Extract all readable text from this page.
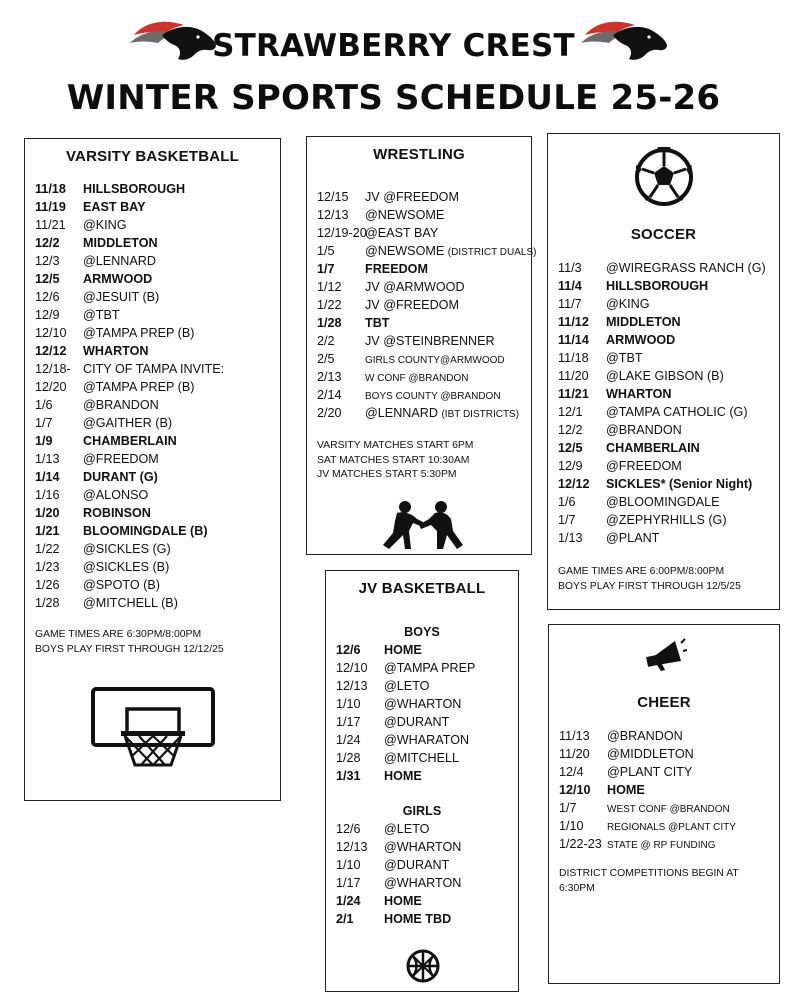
STRAWBERRY CREST
WINTER SPORTS SCHEDULE 25-26
VARSITY BASKETBALL
11/18 HILLSBOROUGH
11/19 EAST BAY
11/21 @KING
12/2 MIDDLETON
12/3 @LENNARD
12/5 ARMWOOD
12/6 @JESUIT (B)
12/9 @TBT
12/10 @TAMPA PREP (B)
12/12 WHARTON
12/18- CITY OF TAMPA INVITE:
12/20 @TAMPA PREP (B)
1/6 @BRANDON
1/7 @GAITHER (B)
1/9 CHAMBERLAIN
1/13 @FREEDOM
1/14 DURANT (G)
1/16 @ALONSO
1/20 ROBINSON
1/21 BLOOMINGDALE (B)
1/22 @SICKLES (G)
1/23 @SICKLES (B)
1/26 @SPOTO (B)
1/28 @MITCHELL (B)
GAME TIMES ARE 6:30PM/8:00PM
BOYS PLAY FIRST THROUGH 12/12/25
WRESTLING
12/15 JV @FREEDOM
12/13 @NEWSOME
12/19-20@EAST BAY
1/5 @NEWSOME (DISTRICT DUALS)
1/7 FREEDOM
1/12 JV @ARMWOOD
1/22 JV @FREEDOM
1/28 TBT
2/2 JV @STEINBRENNER
2/5	GIRLS COUNTY@ARMWOOD
2/13 W CONF @BRANDON
2/14 BOYS COUNTY @BRANDON
2/20 @LENNARD (IBT DISTRICTS)
VARSITY MATCHES START 6PM
SAT MATCHES START 10:30AM
JV MATCHES START 5:30PM
SOCCER
11/3 @WIREGRASS RANCH (G)
11/4 HILLSBOROUGH
11/7 @KING
11/12 MIDDLETON
11/14 ARMWOOD
11/18 @TBT
11/20 @LAKE GIBSON (B)
11/21 WHARTON
12/1 @TAMPA CATHOLIC (G)
12/2 @BRANDON
12/5 CHAMBERLAIN
12/9 @FREEDOM
12/12 SICKLES* (Senior Night)
1/6 @BLOOMINGDALE
1/7 @ZEPHYRHILLS (G)
1/13 @PLANT
GAME TIMES ARE 6:00PM/8:00PM
BOYS PLAY FIRST THROUGH 12/5/25
JV BASKETBALL
BOYS
12/6 HOME
12/10 @TAMPA PREP
12/13 @LETO
1/10 @WHARTON
1/17 @DURANT
1/24 @WHARATON
1/28 @MITCHELL
1/31 HOME
GIRLS
12/6 @LETO
12/13 @WHARTON
1/10 @DURANT
1/17 @WHARTON
1/24 HOME
2/1 HOME TBD
CHEER
11/13 @BRANDON
11/20 @MIDDLETON
12/4 @PLANT CITY
12/10 HOME
1/7	WEST CONF @BRANDON
1/10 REGIONALS @PLANT CITY
1/22-23 STATE @ RP FUNDING
DISTRICT COMPETITIONS BEGIN AT
6:30PM
